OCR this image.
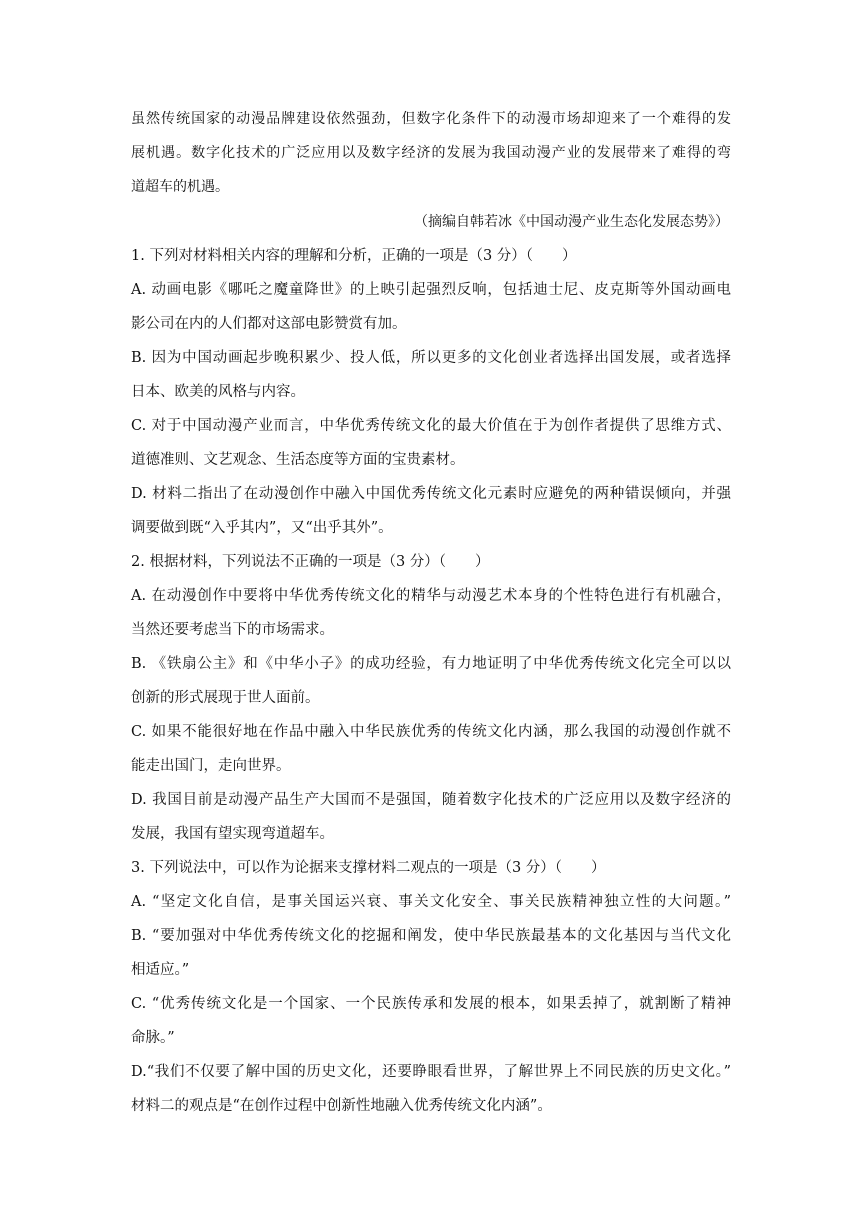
虽然传统国家的动漫品牌建设依然强劲，但数字化条件下的动漫市场却迎来了一个难得的发
展机遇。数字化技术的广泛应用以及数字经济的发展为我国动漫产业的发展带来了难得的弯
道超车的机遇。
（摘编自韩若冰《中国动漫产业生态化发展态势》）
1. 下列对材料相关内容的理解和分析，正确的一项是（3 分）（　　）
A. 动画电影《哪吒之魔童降世》的上映引起强烈反响，包括迪士尼、皮克斯等外国动画电
影公司在内的人们都对这部电影赞赏有加。
B. 因为中国动画起步晚积累少、投人低，所以更多的文化创业者选择出国发展，或者选择
日本、欧美的风格与内容。
C. 对于中国动漫产业而言，中华优秀传统文化的最大价值在于为创作者提供了思维方式、
道德准则、文艺观念、生活态度等方面的宝贵素材。
D. 材料二指出了在动漫创作中融入中国优秀传统文化元素时应避免的两种错误倾向，并强
调要做到既“入乎其内”，又“出乎其外”。
2. 根据材料，下列说法不正确的一项是（3 分）（　　）
A. 在动漫创作中要将中华优秀传统文化的精华与动漫艺术本身的个性特色进行有机融合，
当然还要考虑当下的市场需求。
B. 《铁扇公主》和《中华小子》的成功经验，有力地证明了中华优秀传统文化完全可以以
创新的形式展现于世人面前。
C. 如果不能很好地在作品中融入中华民族优秀的传统文化内涵，那么我国的动漫创作就不
能走出国门，走向世界。
D. 我国目前是动漫产品生产大国而不是强国，随着数字化技术的广泛应用以及数字经济的
发展，我国有望实现弯道超车。
3. 下列说法中，可以作为论据来支撑材料二观点的一项是（3 分）（　　）
A. “坚定文化自信，是事关国运兴衰、事关文化安全、事关民族精神独立性的大问题。”
B. “要加强对中华优秀传统文化的挖掘和阐发，使中华民族最基本的文化基因与当代文化
相适应。”
C. “优秀传统文化是一个国家、一个民族传承和发展的根本，如果丢掉了，就割断了精神
命脉。”
D.“我们不仅要了解中国的历史文化，还要睁眼看世界，了解世界上不同民族的历史文化。”
材料二的观点是“在创作过程中创新性地融入优秀传统文化内涵”。
